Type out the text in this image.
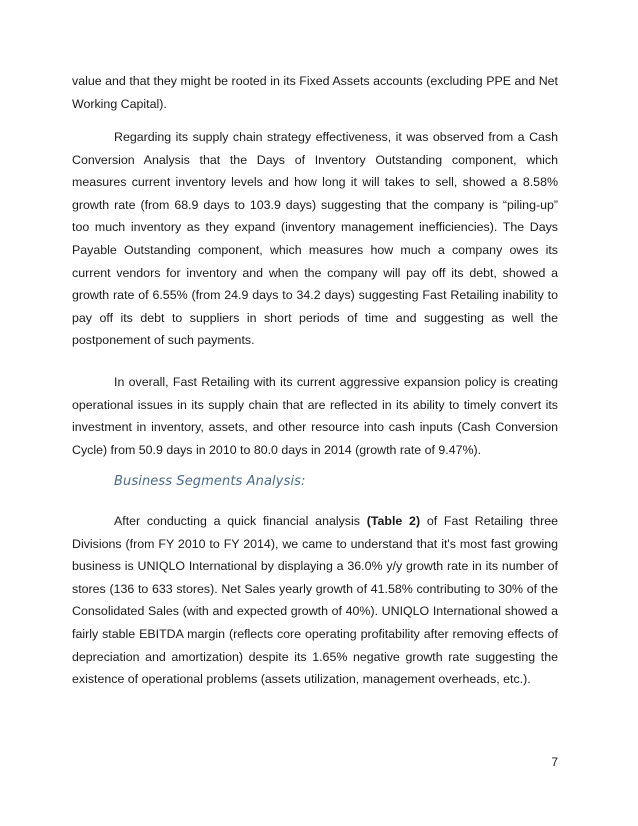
value and that they might be rooted in its Fixed Assets accounts (excluding PPE and Net Working Capital).

Regarding its supply chain strategy effectiveness, it was observed from a Cash Conversion Analysis that the Days of Inventory Outstanding component, which measures current inventory levels and how long it will takes to sell, showed a 8.58% growth rate (from 68.9 days to 103.9 days) suggesting that the company is “piling-up” too much inventory as they expand (inventory management inefficiencies). The Days Payable Outstanding component, which measures how much a company owes its current vendors for inventory and when the company will pay off its debt, showed a growth rate of 6.55% (from 24.9 days to 34.2 days) suggesting Fast Retailing inability to pay off its debt to suppliers in short periods of time and suggesting as well the postponement of such payments.

In overall, Fast Retailing with its current aggressive expansion policy is creating operational issues in its supply chain that are reflected in its ability to timely convert its investment in inventory, assets, and other resource into cash inputs (Cash Conversion Cycle) from 50.9 days in 2010 to 80.0 days in 2014 (growth rate of 9.47%).

Business Segments Analysis:

After conducting a quick financial analysis (Table 2) of Fast Retailing three Divisions (from FY 2010 to FY 2014), we came to understand that it's most fast growing business is UNIQLO International by displaying a 36.0% y/y growth rate in its number of stores (136 to 633 stores). Net Sales yearly growth of 41.58% contributing to 30% of the Consolidated Sales (with and expected growth of 40%). UNIQLO International showed a fairly stable EBITDA margin (reflects core operating profitability after removing effects of depreciation and amortization) despite its 1.65% negative growth rate suggesting the existence of operational problems (assets utilization, management overheads, etc.).

7
